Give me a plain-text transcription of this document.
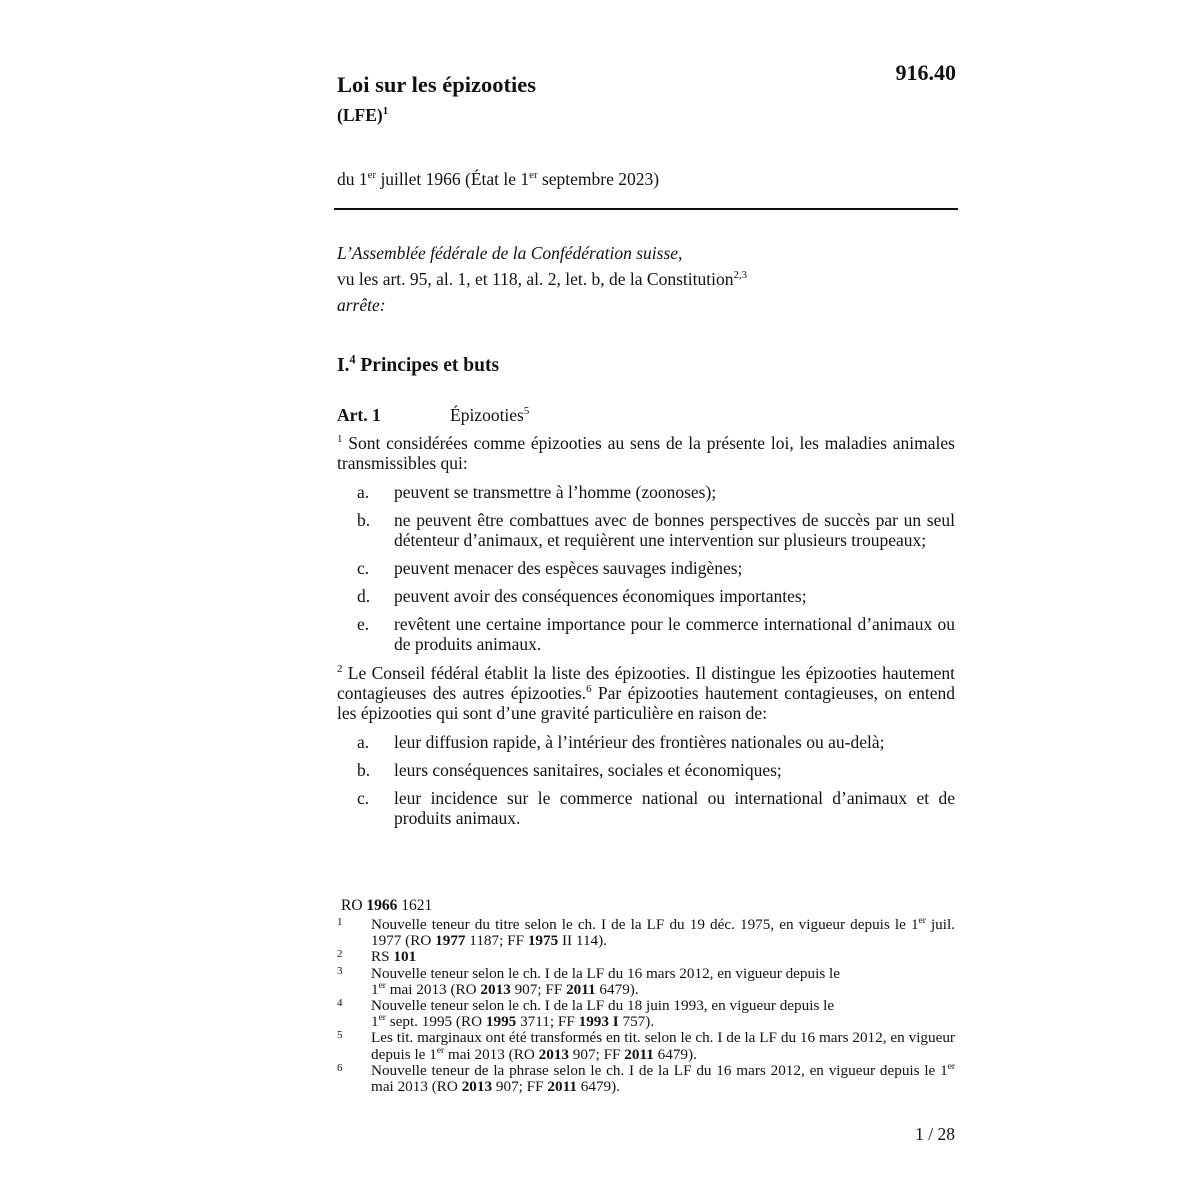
916.40
Loi sur les épizooties
(LFE)$^1$
du 1er juillet 1966 (État le 1er septembre 2023)
L’Assemblée fédérale de la Confédération suisse,
vu les art. 95, al. 1, et 118, al. 2, let. b, de la Constitution$^{2,3}$
arrête:
I.$^4$ Principes et buts
Art. 1	Épizooties$^5$
$^1$ Sont considérées comme épizooties au sens de la présente loi, les maladies animales transmissibles qui:
a. peuvent se transmettre à l’homme (zoonoses);
b. ne peuvent être combattues avec de bonnes perspectives de succès par un seul détenteur d’animaux, et requièrent une intervention sur plusieurs troupeaux;
c. peuvent menacer des espèces sauvages indigènes;
d. peuvent avoir des conséquences économiques importantes;
e. revêtent une certaine importance pour le commerce international d’animaux ou de produits animaux.
$^2$ Le Conseil fédéral établit la liste des épizooties. Il distingue les épizooties hautement contagieuses des autres épizooties.$^6$ Par épizooties hautement contagieuses, on entend les épizooties qui sont d’une gravité particulière en raison de:
a. leur diffusion rapide, à l’intérieur des frontières nationales ou au-delà;
b. leurs conséquences sanitaires, sociales et économiques;
c. leur incidence sur le commerce national ou international d’animaux et de produits animaux.
RO 1966 1621
1 Nouvelle teneur du titre selon le ch. I de la LF du 19 déc. 1975, en vigueur depuis le 1er juil. 1977 (RO 1977 1187; FF 1975 II 114).
2 RS 101
3 Nouvelle teneur selon le ch. I de la LF du 16 mars 2012, en vigueur depuis le
1er mai 2013 (RO 2013 907; FF 2011 6479).
4 Nouvelle teneur selon le ch. I de la LF du 18 juin 1993, en vigueur depuis le
1er sept. 1995 (RO 1995 3711; FF 1993 I 757).
5 Les tit. marginaux ont été transformés en tit. selon le ch. I de la LF du 16 mars 2012, en vigueur depuis le 1er mai 2013 (RO 2013 907; FF 2011 6479).
6 Nouvelle teneur de la phrase selon le ch. I de la LF du 16 mars 2012, en vigueur depuis le 1er mai 2013 (RO 2013 907; FF 2011 6479).
1 / 28
